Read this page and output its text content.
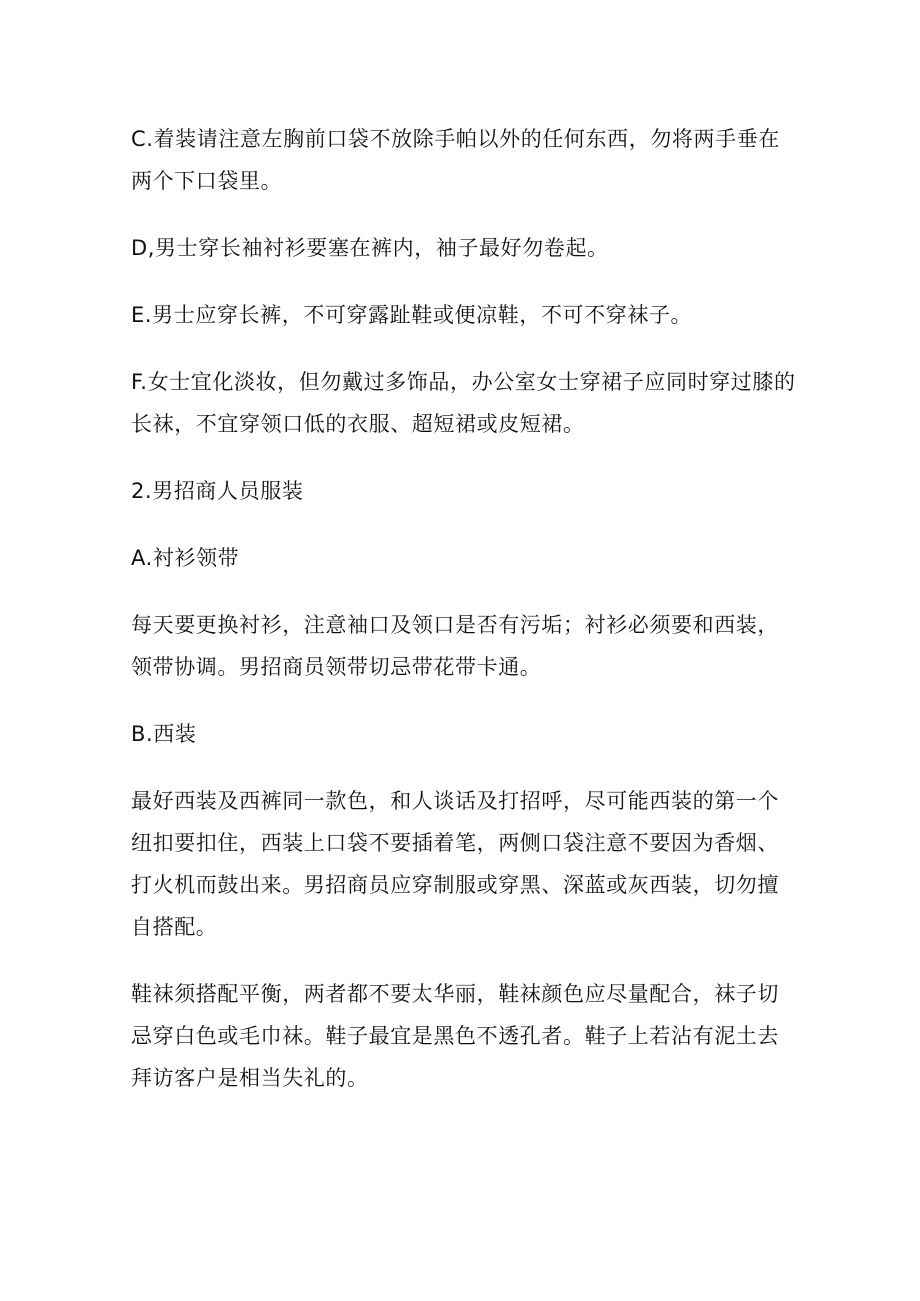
C.着装请注意左胸前口袋不放除手帕以外的任何东西，勿将两手垂在两个下口袋里。

D,男士穿长袖衬衫要塞在裤内，袖子最好勿卷起。

E.男士应穿长裤，不可穿露趾鞋或便凉鞋，不可不穿袜子。

F.女士宜化淡妆，但勿戴过多饰品，办公室女士穿裙子应同时穿过膝的长袜，不宜穿领口低的衣服、超短裙或皮短裙。

2.男招商人员服装

A.衬衫领带

每天要更换衬衫，注意袖口及领口是否有污垢；衬衫必须要和西装，领带协调。男招商员领带切忌带花带卡通。

B.西装

最好西装及西裤同一款色，和人谈话及打招呼，尽可能西装的第一个纽扣要扣住，西装上口袋不要插着笔，两侧口袋注意不要因为香烟、打火机而鼓出来。男招商员应穿制服或穿黑、深蓝或灰西装，切勿擅自搭配。

鞋袜须搭配平衡，两者都不要太华丽，鞋袜颜色应尽量配合，袜子切忌穿白色或毛巾袜。鞋子最宜是黑色不透孔者。鞋子上若沾有泥土去拜访客户是相当失礼的。
